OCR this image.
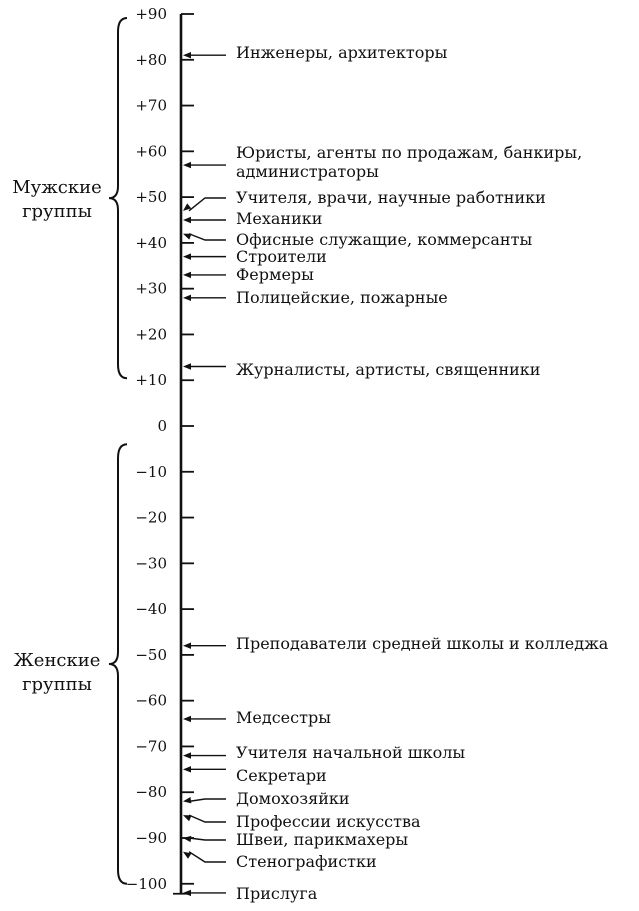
+90
+80
+70
+60
+50
+40
+30
+20
+10
0
−10
−20
−30
−40
−50
−60
−70
−80
−90
−100
Мужские
группы
Женские
группы
Инженеры, архитекторы
Юристы, агенты по продажам, банкиры,
администраторы
Учителя, врачи, научные работники
Механики
Офисные служащие, коммерсанты
Строители
Фермеры
Полицейские, пожарные
Журналисты, артисты, священники
Преподаватели средней школы и колледжа
Медсестры
Учителя начальной школы
Секретари
Домохозяйки
Профессии искусства
Швеи, парикмахеры
Стенографистки
Прислуга
